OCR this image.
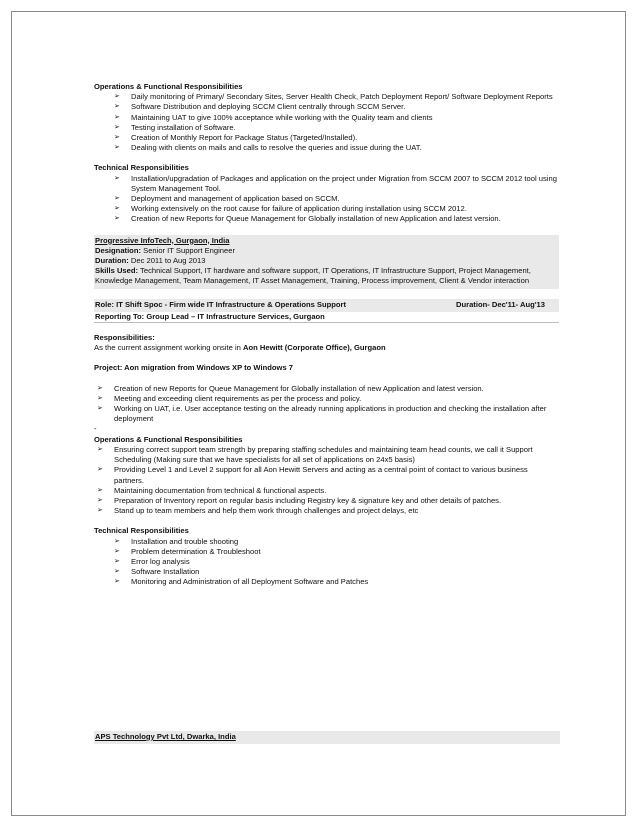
Operations & Functional Responsibilities
➢ Daily monitoring of Primary/ Secondary Sites, Server Health Check, Patch Deployment Report/ Software Deployment Reports
➢ Software Distribution and deploying SCCM Client centrally through SCCM Server.
➢ Maintaining UAT to give 100% acceptance while working with the Quality team and clients
➢ Testing installation of Software.
➢ Creation of Monthly Report for Package Status (Targeted/Installed).
➢ Dealing with clients on mails and calls to resolve the queries and issue during the UAT.
Technical Responsibilities
➢ Installation/upgradation of Packages and application on the project under Migration from SCCM 2007 to SCCM 2012 tool using System Management Tool.
➢ Deployment and management of application based on SCCM.
➢ Working extensively on the root cause for failure of application during installation using SCCM 2012.
➢ Creation of new Reports for Queue Management for Globally installation of new Application and latest version.
Progressive InfoTech, Gurgaon, India
Designation: Senior IT Support Engineer
Duration: Dec 2011 to Aug 2013
Skills Used: Technical Support, IT hardware and software support, IT Operations, IT Infrastructure Support, Project Management, Knowledge Management, Team Management, IT Asset Management, Training, Process improvement, Client & Vendor interaction
Role: IT Shift Spoc - Firm wide IT Infrastructure & Operations Support	Duration- Dec'11- Aug'13
Reporting To: Group Lead – IT Infrastructure Services, Gurgaon
Responsibilities:
As the current assignment working onsite in Aon Hewitt (Corporate Office), Gurgaon
Project: Aon migration from Windows XP to Windows 7
➢ Creation of new Reports for Queue Management for Globally installation of new Application and latest version.
➢ Meeting and exceeding client requirements as per the process and policy.
➢ Working on UAT, i.e. User acceptance testing on the already running applications in production and checking the installation after deployment
-
Operations & Functional Responsibilities
➢ Ensuring correct support team strength by preparing staffing schedules and maintaining team head counts, we call it Support Scheduling (Making sure that we have specialists for all set of applications on 24x5 basis)
➢ Providing Level 1 and Level 2 support for all Aon Hewitt Servers and acting as a central point of contact to various business partners.
➢ Maintaining documentation from technical & functional aspects.
➢ Preparation of Inventory report on regular basis including Registry key & signature key and other details of patches.
➢ Stand up to team members and help them work through challenges and project delays, etc
Technical Responsibilities
➢ Installation and trouble shooting
➢ Problem determination & Troubleshoot
➢ Error log analysis
➢ Software Installation
➢ Monitoring and Administration of all Deployment Software and Patches
APS Technology Pvt Ltd, Dwarka, India
